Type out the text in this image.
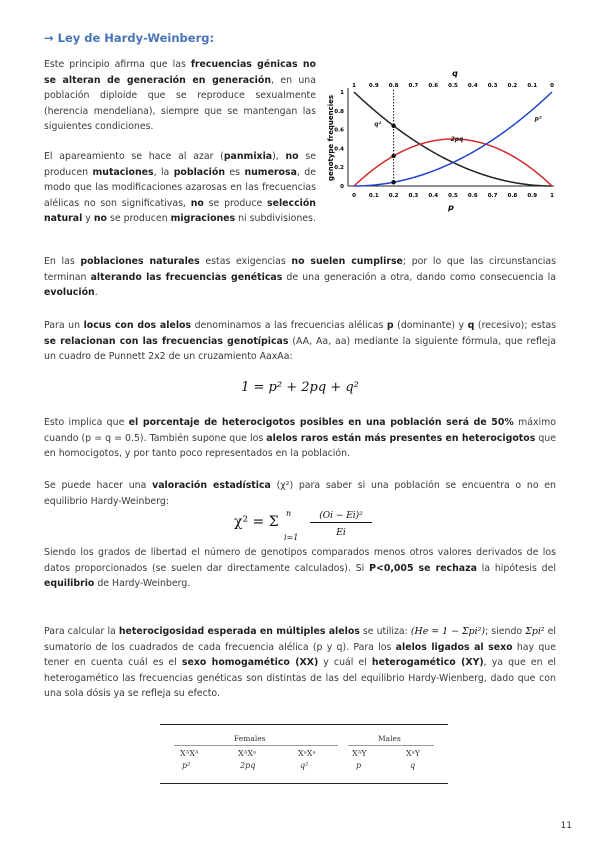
→ Ley de Hardy-Weinberg:
Este principio afirma que las frecuencias génicas no se alteran de generación en generación, en una población diploide que se reproduce sexualmente (herencia mendeliana), siempre que se mantengan las siguientes condiciones.
El apareamiento se hace al azar (panmixia), no se producen mutaciones, la población es numerosa, de modo que las modificaciones azarosas en las frecuencias alélicas no son significativas, no se produce selección natural y no se producen migraciones ni subdivisiones.
q
1 0.9 0.8 0.7 0.6 0.5 0.4 0.3 0.2 0.1 0
0
0.2
0.4
0.6
0.8
1
0 0.1 0.2 0.3 0.4 0.5 0.6 0.7 0.8 0.9 1
genotype frequencies
p
q²
2pq
p²
En las poblaciones naturales estas exigencias no suelen cumplirse; por lo que las circunstancias terminan alterando las frecuencias genéticas de una generación a otra, dando como consecuencia la evolución.
Para un locus con dos alelos denominamos a las frecuencias alélicas p (dominante) y q (recesivo); estas se relacionan con las frecuencias genotípicas (AA, Aa, aa) mediante la siguiente fórmula, que refleja un cuadro de Punnett 2x2 de un cruzamiento AaxAa:
1 = p² + 2pq + q²
Esto implica que el porcentaje de heterocigotos posibles en una población será de 50% máximo cuando (p = q = 0.5). También supone que los alelos raros están más presentes en heterocigotos que en homocigotos, y por tanto poco representados en la población.
Se puede hacer una valoración estadística (χ²) para saber si una población se encuentra o no en equilibrio Hardy-Weinberg:
χ² = Σ
n
i=1
(Oi − Ei)²
Ei
Siendo los grados de libertad el número de genotipos comparados menos otros valores derivados de los datos proporcionados (se suelen dar directamente calculados). Si P<0,005 se rechaza la hipótesis del equilibrio de Hardy-Weinberg.
Para calcular la heterocigosidad esperada en múltiples alelos se utiliza: (He = 1 − Σpi²); siendo Σpi² el sumatorio de los cuadrados de cada frecuencia alélica (p y q). Para los alelos ligados al sexo hay que tener en cuenta cuál es el sexo homogamético (XX) y cuál el heterogamético (XY), ya que en el heterogamético las frecuencias genéticas son distintas de las del equilibrio Hardy-Wienberg, dado que con una sola dósis ya se refleja su efecto.
Females	Males
XᴬXᴬ	XᴬXᵃ	XᵃXᵃ	XᴬY	XᵃY
p²	2pq	q²	p	q
11
